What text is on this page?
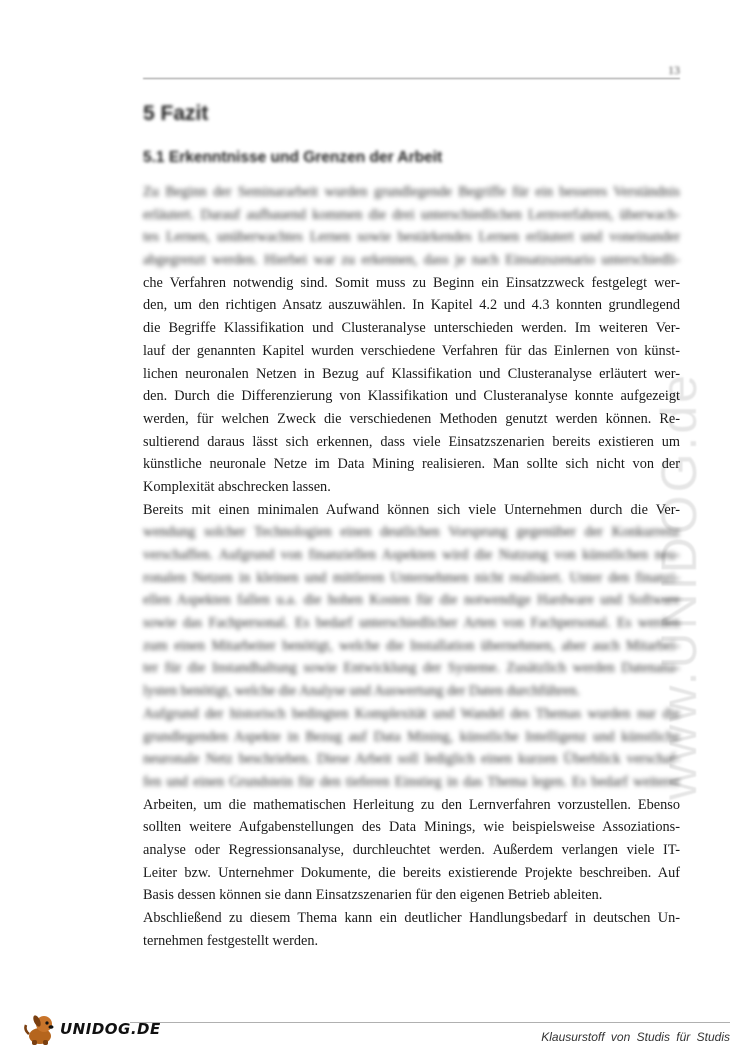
13
5 Fazit
5.1 Erkenntnisse und Grenzen der Arbeit
www.UNIDOG.de
Zu Beginn der Seminararbeit wurden grundlegende Begriffe für ein besseres Verständnis
erläutert. Darauf aufbauend kommen die drei unterschiedlichen Lernverfahren, überwach-
tes Lernen, unüberwachtes Lernen sowie bestärkendes Lernen erläutert und voneinander
abgegrenzt werden. Hierbei war zu erkennen, dass je nach Einsatzszenario unterschiedli-
che Verfahren notwendig sind. Somit muss zu Beginn ein Einsatzzweck festgelegt wer-
den, um den richtigen Ansatz auszuwählen. In Kapitel 4.2 und 4.3 konnten grundlegend
die Begriffe Klassifikation und Clusteranalyse unterschieden werden. Im weiteren Ver-
lauf der genannten Kapitel wurden verschiedene Verfahren für das Einlernen von künst-
lichen neuronalen Netzen in Bezug auf Klassifikation und Clusteranalyse erläutert wer-
den. Durch die Differenzierung von Klassifikation und Clusteranalyse konnte aufgezeigt
werden, für welchen Zweck die verschiedenen Methoden genutzt werden können. Re-
sultierend daraus lässt sich erkennen, dass viele Einsatzszenarien bereits existieren um
künstliche neuronale Netze im Data Mining realisieren. Man sollte sich nicht von der
Komplexität abschrecken lassen.
Bereits mit einen minimalen Aufwand können sich viele Unternehmen durch die Ver-
wendung solcher Technologien einen deutlichen Vorsprung gegenüber der Konkurrenz
verschaffen. Aufgrund von finanziellen Aspekten wird die Nutzung von künstlichen neu-
ronalen Netzen in kleinen und mittleren Unternehmen nicht realisiert. Unter den finanzi-
ellen Aspekten fallen u.a. die hohen Kosten für die notwendige Hardware und Software
sowie das Fachpersonal. Es bedarf unterschiedlicher Arten von Fachpersonal. Es werden
zum einen Mitarbeiter benötigt, welche die Installation übernehmen, aber auch Mitarbei-
ter für die Instandhaltung sowie Entwicklung der Systeme. Zusätzlich werden Datenana-
lysten benötigt, welche die Analyse und Auswertung der Daten durchführen.
Aufgrund der historisch bedingten Komplexität und Wandel des Themas wurden nur die
grundlegenden Aspekte in Bezug auf Data Mining, künstliche Intelligenz und künstliche
neuronale Netz beschrieben. Diese Arbeit soll lediglich einen kurzen Überblick verschaf-
fen und einen Grundstein für den tieferen Einstieg in das Thema legen. Es bedarf weiterer
Arbeiten, um die mathematischen Herleitung zu den Lernverfahren vorzustellen. Ebenso
sollten weitere Aufgabenstellungen des Data Minings, wie beispielsweise Assoziations-
analyse oder Regressionsanalyse, durchleuchtet werden. Außerdem verlangen viele IT-
Leiter bzw. Unternehmer Dokumente, die bereits existierende Projekte beschreiben. Auf
Basis dessen können sie dann Einsatzszenarien für den eigenen Betrieb ableiten.
Abschließend zu diesem Thema kann ein deutlicher Handlungsbedarf in deutschen Un-
ternehmen festgestellt werden.
UNIDOG.DE	Klausurstoff von Studis für Studis
